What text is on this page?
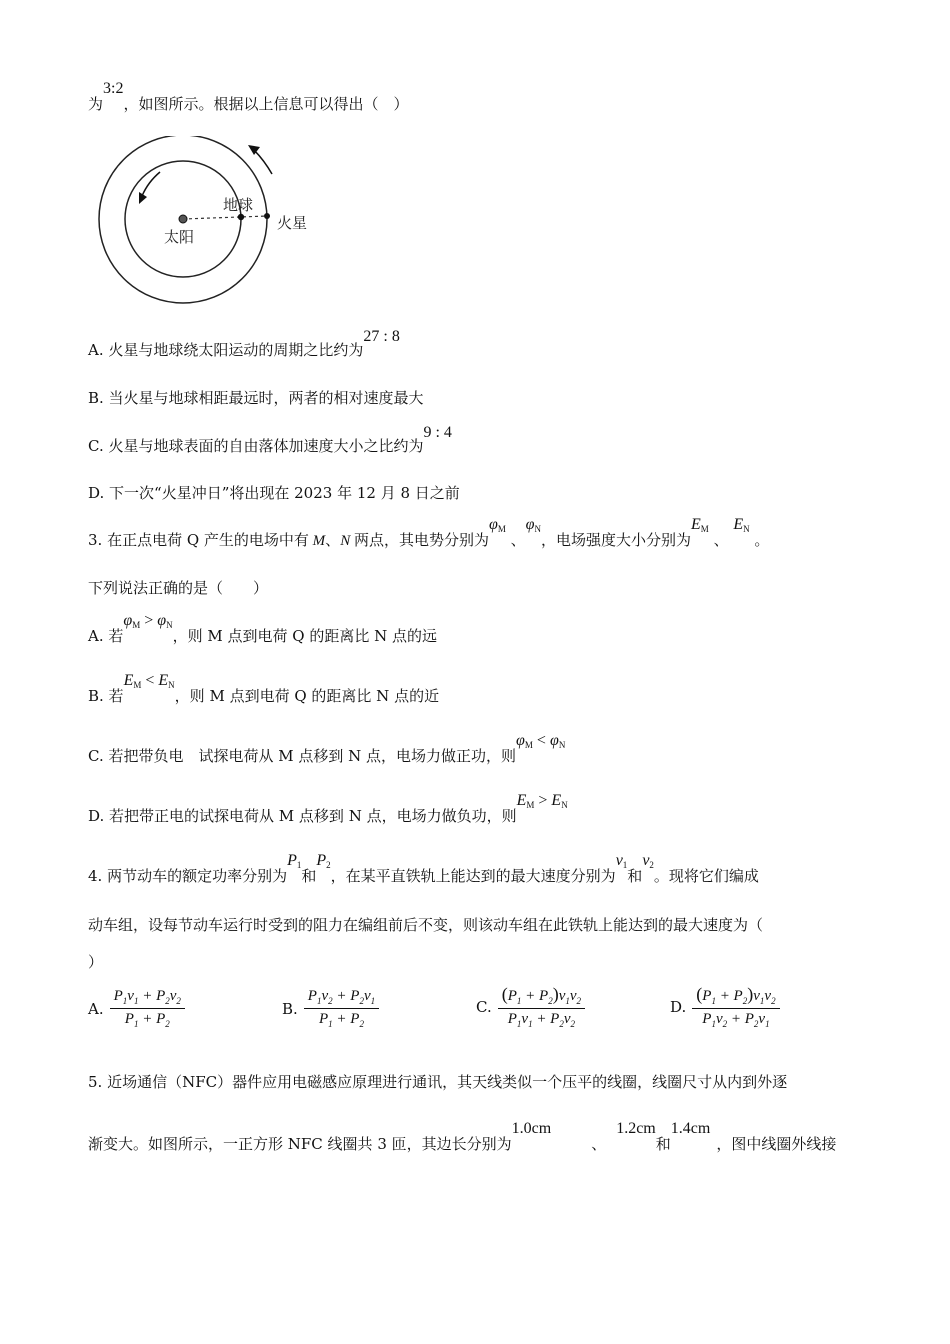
为3:2，如图所示。根据以上信息可以得出（　）
太阳
地球
火星
A. 火星与地球绕太阳运动的周期之比约为27 : 8
B. 当火星与地球相距最远时，两者的相对速度最大
C. 火星与地球表面的自由落体加速度大小之比约为9 : 4
D. 下一次“火星冲日”将出现在 2023 年 12 月 8 日之前
3. 在正点电荷 Q 产生的电场中有 M、N 两点，其电势分别为φM 、φN，电场强度大小分别为EM 、 EN 。
下列说法正确的是（　　）
A. 若φM > φN，则 M 点到电荷 Q 的距离比 N 点的远
B. 若EM < EN，则 M 点到电荷 Q 的距离比 N 点的近
C. 若把带负电　试探电荷从 M 点移到 N 点，电场力做正功，则φM < φN
D. 若把带正电的试探电荷从 M 点移到 N 点，电场力做负功，则EM > EN
4. 两节动车的额定功率分别为P1和P2，在某平直铁轨上能达到的最大速度分别为v1和v2。现将它们编成
动车组，设每节动车运行时受到的阻力在编组前后不变，则该动车组在此铁轨上能达到的最大速度为（
）
A. $\frac{P_1v_1 + P_2v_2}{P_1 + P_2}$	B. $\frac{P_1v_2 + P_2v_1}{P_1 + P_2}$	C. $\frac{(P_1 + P_2)v_1v_2}{P_1v_1 + P_2v_2}$	D. $\frac{(P_1 + P_2)v_1v_2}{P_1v_2 + P_2v_1}$
5. 近场通信（NFC）器件应用电磁感应原理进行通讯，其天线类似一个压平的线圈，线圈尺寸从内到外逐
渐变大。如图所示，一正方形 NFC 线圈共 3 匝，其边长分别为1.0cm、1.2cm和1.4cm，图中线圈外线接
